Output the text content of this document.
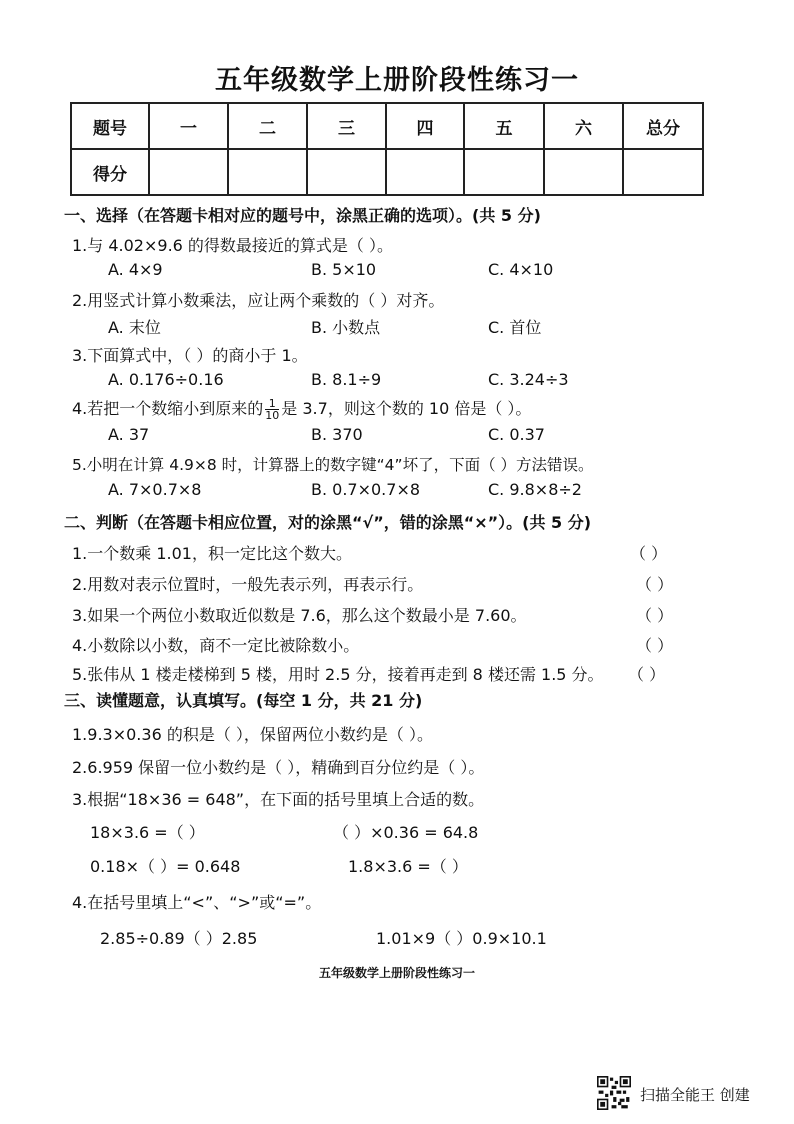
五年级数学上册阶段性练习一
题号	一	二	三	四	五	六	总分
得分							
一、选择（在答题卡相对应的题号中，涂黑正确的选项）。(共 5 分)
1.与 4.02×9.6 的得数最接近的算式是（ ）。
A. 4×9	B. 5×10	C. 4×10
2.用竖式计算小数乘法，应让两个乘数的（ ）对齐。
A. 末位	B. 小数点	C. 首位
3.下面算式中，（ ）的商小于 1。
A. 0.176÷0.16	B. 8.1÷9	C. 3.24÷3
4.若把一个数缩小到原来的 $\frac{1}{10}$ 是 3.7，则这个数的 10 倍是（ ）。
A. 37	B. 370	C. 0.37
5.小明在计算 4.9×8 时，计算器上的数字键“4”坏了，下面（ ）方法错误。
A. 7×0.7×8	B. 0.7×0.7×8	C. 9.8×8÷2
二、判断（在答题卡相应位置，对的涂黑“√”，错的涂黑“×”）。(共 5 分)
1.一个数乘 1.01，积一定比这个数大。	（ ）
2.用数对表示位置时，一般先表示列，再表示行。	（ ）
3.如果一个两位小数取近似数是 7.6，那么这个数最小是 7.60。	（ ）
4.小数除以小数，商不一定比被除数小。	（ ）
5.张伟从 1 楼走楼梯到 5 楼，用时 2.5 分，接着再走到 8 楼还需 1.5 分。 （ ）
三、读懂题意，认真填写。(每空 1 分，共 21 分)
1.9.3×0.36 的积是（ ），保留两位小数约是（ ）。
2.6.959 保留一位小数约是（ ），精确到百分位约是（ ）。
3.根据“18×36 = 648”，在下面的括号里填上合适的数。
18×3.6 =（ ）	（ ）×0.36 = 64.8
0.18×（ ）= 0.648	1.8×3.6 =（ ）
4.在括号里填上“<”、“>”或“=”。
2.85÷0.89（ ）2.85	1.01×9（ ）0.9×10.1
五年级数学上册阶段性练习一
扫描全能王 创建
